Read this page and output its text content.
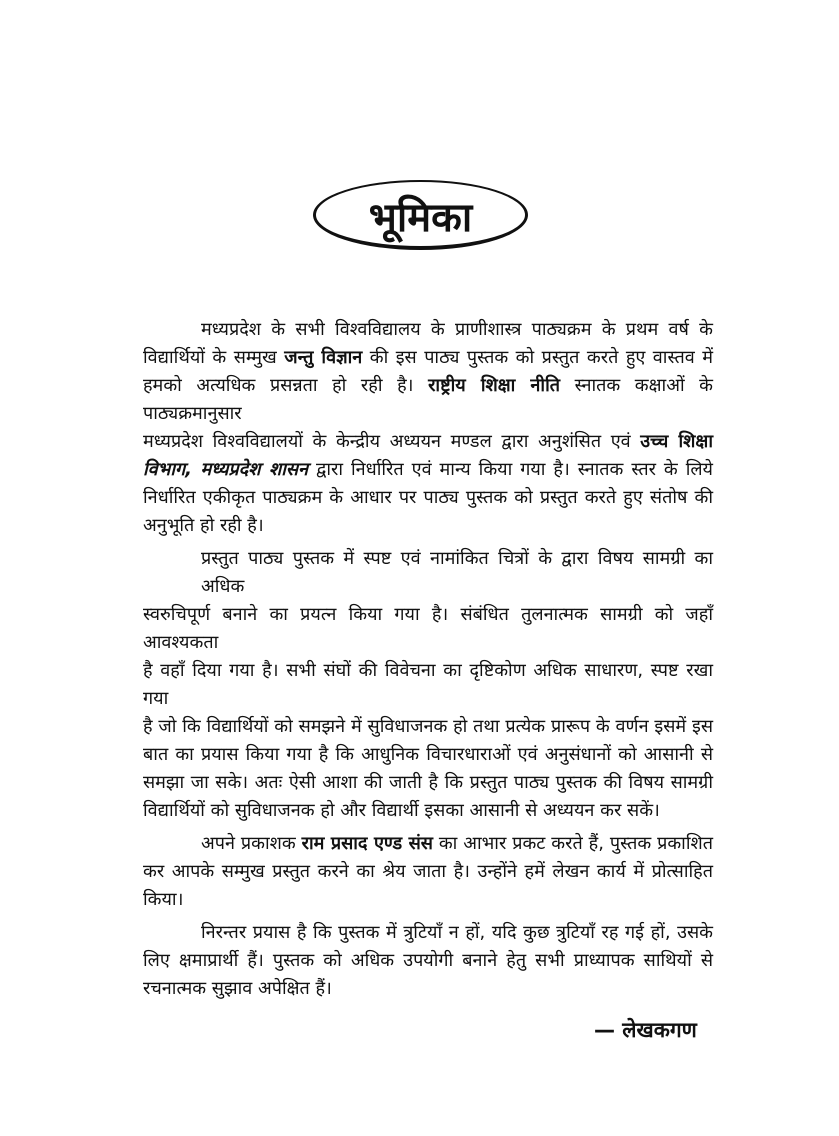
भूमिका
मध्यप्रदेश के सभी विश्वविद्यालय के प्राणीशास्त्र पाठ्यक्रम के प्रथम वर्ष के
विद्यार्थियों के सम्मुख जन्तु विज्ञान की इस पाठ्य पुस्तक को प्रस्तुत करते हुए वास्तव में
हमको अत्यधिक प्रसन्नता हो रही है। राष्ट्रीय शिक्षा नीति स्नातक कक्षाओं के पाठ्यक्रमानुसार
मध्यप्रदेश विश्वविद्यालयों के केन्द्रीय अध्ययन मण्डल द्वारा अनुशंसित एवं उच्च शिक्षा
विभाग, मध्यप्रदेश शासन द्वारा निर्धारित एवं मान्य किया गया है। स्नातक स्तर के लिये
निर्धारित एकीकृत पाठ्यक्रम के आधार पर पाठ्य पुस्तक को प्रस्तुत करते हुए संतोष की
अनुभूति हो रही है।
प्रस्तुत पाठ्य पुस्तक में स्पष्ट एवं नामांकित चित्रों के द्वारा विषय सामग्री का अधिक
स्वरुचिपूर्ण बनाने का प्रयत्न किया गया है। संबंधित तुलनात्मक सामग्री को जहाँ आवश्यकता
है वहाँ दिया गया है। सभी संघों की विवेचना का दृष्टिकोण अधिक साधारण, स्पष्ट रखा गया
है जो कि विद्यार्थियों को समझने में सुविधाजनक हो तथा प्रत्येक प्रारूप के वर्णन इसमें इस
बात का प्रयास किया गया है कि आधुनिक विचारधाराओं एवं अनुसंधानों को आसानी से
समझा जा सके। अतः ऐसी आशा की जाती है कि प्रस्तुत पाठ्य पुस्तक की विषय सामग्री
विद्यार्थियों को सुविधाजनक हो और विद्यार्थी इसका आसानी से अध्ययन कर सकें।
अपने प्रकाशक राम प्रसाद एण्ड संस का आभार प्रकट करते हैं, पुस्तक प्रकाशित
कर आपके सम्मुख प्रस्तुत करने का श्रेय जाता है। उन्होंने हमें लेखन कार्य में प्रोत्साहित किया।
निरन्तर प्रयास है कि पुस्तक में त्रुटियाँ न हों, यदि कुछ त्रुटियाँ रह गई हों, उसके
लिए क्षमाप्रार्थी हैं। पुस्तक को अधिक उपयोगी बनाने हेतु सभी प्राध्यापक साथियों से
रचनात्मक सुझाव अपेक्षित हैं।
— लेखकगण
